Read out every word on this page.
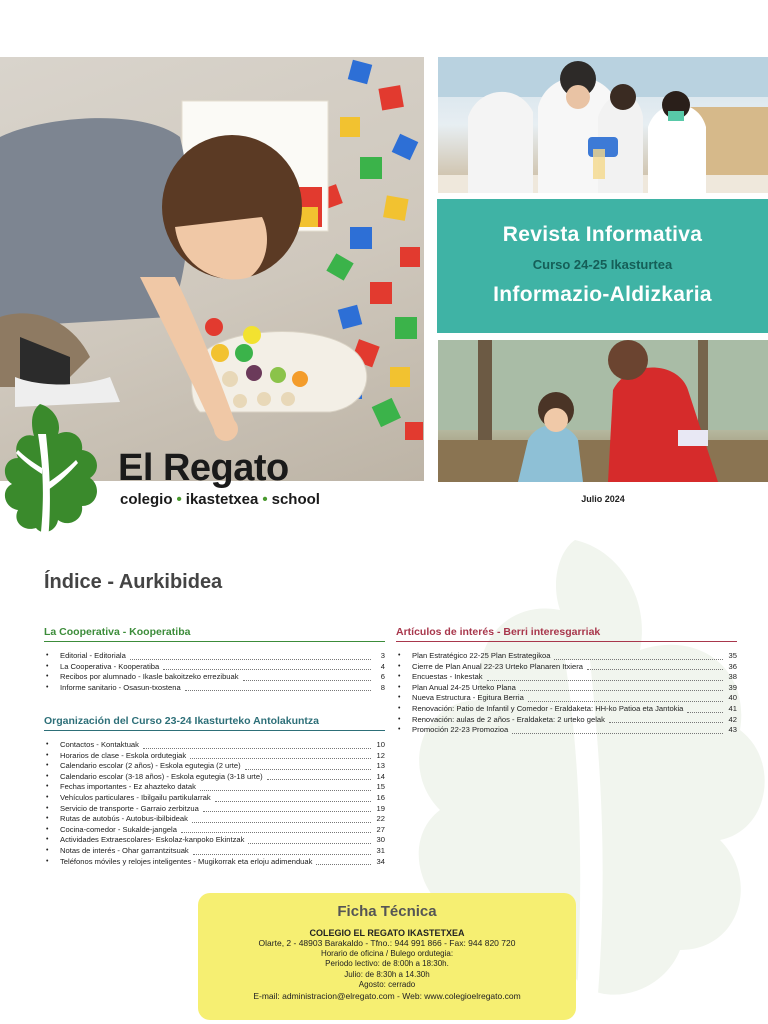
Revista Informativa
Curso 24-25 Ikasturtea
Informazio-Aldizkaria
Julio 2024
El Regato
colegio • ikastetxea • school
Índice - Aurkibidea
La Cooperativa - Kooperatiba
• Editorial - Editoriala	3
• La Cooperativa - Kooperatiba	4
• Recibos por alumnado - Ikasle bakoitzeko errezibuak	6
• Informe sanitario - Osasun-txostena	8
Organización del Curso 23-24 Ikasturteko Antolakuntza
• Contactos - Kontaktuak	10
• Horarios de clase - Eskola ordutegiak	12
• Calendario escolar (2 años) - Eskola egutegia (2 urte)	13
• Calendario escolar (3-18 años) - Eskola egutegia (3-18 urte)	14
• Fechas importantes - Ez ahazteko datak	15
• Vehículos particulares - Ibilgailu partikularrak	16
• Servicio de transporte - Garraio zerbitzua	19
• Rutas de autobús - Autobus-ibilbideak	22
• Cocina-comedor - Sukalde-jangela	27
• Actividades Extraescolares- Eskolaz-kanpoko Ekintzak	30
• Notas de interés - Ohar garrantzitsuak	31
• Teléfonos móviles y relojes inteligentes - Mugikorrak eta erloju adimenduak	34
Artículos de interés - Berri interesgarriak
• Plan Estratégico 22-25 Plan Estrategikoa	35
• Cierre de Plan Anual 22-23 Urteko Planaren Itxiera	36
• Encuestas - Inkestak	38
• Plan Anual 24-25 Urteko Plana	39
• Nueva Estructura - Egitura Berria	40
• Renovación: Patio de Infantil y Comedor - Eraldaketa: HH-ko Patioa eta Jantokia	41
• Renovación: aulas de 2 años - Eraldaketa: 2 urteko gelak	42
• Promoción 22-23 Promozioa	43
Ficha Técnica
COLEGIO EL REGATO IKASTETXEA
Olarte, 2 - 48903 Barakaldo - Tfno.: 944 991 866 - Fax: 944 820 720
Horario de oficina / Bulego ordutegia:
Periodo lectivo: de 8:00h a 18:30h.
Julio: de 8:30h a 14.30h
Agosto: cerrado
E-mail: administracion@elregato.com - Web: www.colegioelregato.com
